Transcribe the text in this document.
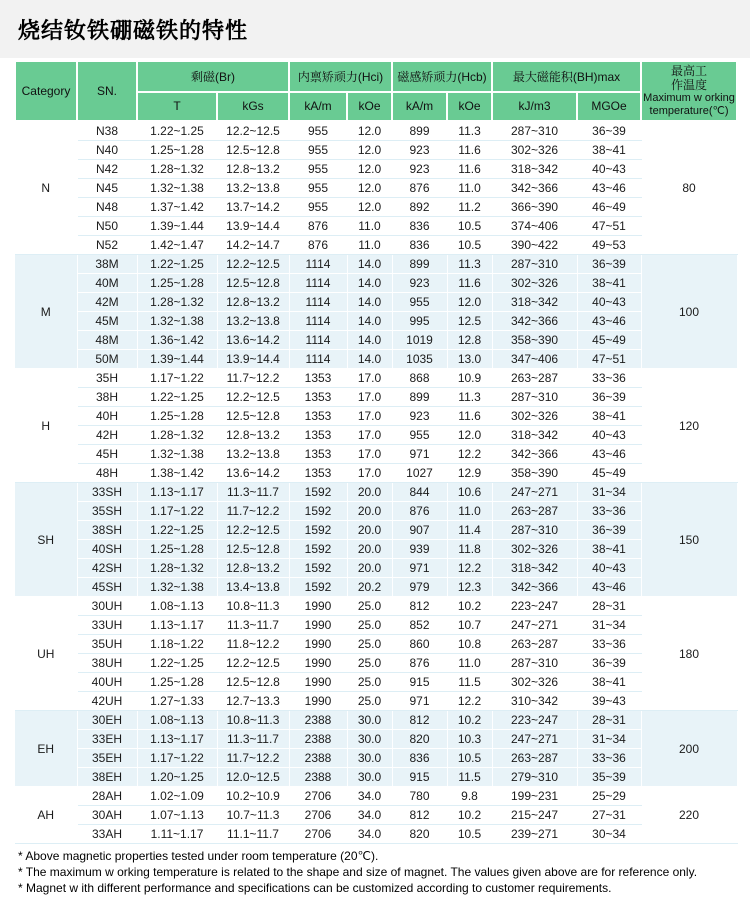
烧结钕铁硼磁铁的特性
Category	SN.	剩磁(Br)		内禀矫顽力(Hci)		磁感矫顽力(Hcb)		最大磁能积(BH)max		最高工
作温度
Maximum w orking temperature(℃)

		T	kGs	kA/m	kOe	kA/m	kOe	kJ/m3	MGOe	
N	N38	1.22~1.25	12.2~12.5	955	12.0	899	11.3	287~310	36~39	80
	N40	1.25~1.28	12.5~12.8	955	12.0	923	11.6	302~326	38~41	
	N42	1.28~1.32	12.8~13.2	955	12.0	923	11.6	318~342	40~43	
	N45	1.32~1.38	13.2~13.8	955	12.0	876	11.0	342~366	43~46	
	N48	1.37~1.42	13.7~14.2	955	12.0	892	11.2	366~390	46~49	
	N50	1.39~1.44	13.9~14.4	876	11.0	836	10.5	374~406	47~51	
	N52	1.42~1.47	14.2~14.7	876	11.0	836	10.5	390~422	49~53	
M	38M	1.22~1.25	12.2~12.5	1114	14.0	899	11.3	287~310	36~39	100
	40M	1.25~1.28	12.5~12.8	1114	14.0	923	11.6	302~326	38~41	
	42M	1.28~1.32	12.8~13.2	1114	14.0	955	12.0	318~342	40~43	
	45M	1.32~1.38	13.2~13.8	1114	14.0	995	12.5	342~366	43~46	
	48M	1.36~1.42	13.6~14.2	1114	14.0	1019	12.8	358~390	45~49	
	50M	1.39~1.44	13.9~14.4	1114	14.0	1035	13.0	347~406	47~51	
H	35H	1.17~1.22	11.7~12.2	1353	17.0	868	10.9	263~287	33~36	120
	38H	1.22~1.25	12.2~12.5	1353	17.0	899	11.3	287~310	36~39	
	40H	1.25~1.28	12.5~12.8	1353	17.0	923	11.6	302~326	38~41	
	42H	1.28~1.32	12.8~13.2	1353	17.0	955	12.0	318~342	40~43	
	45H	1.32~1.38	13.2~13.8	1353	17.0	971	12.2	342~366	43~46	
	48H	1.38~1.42	13.6~14.2	1353	17.0	1027	12.9	358~390	45~49	
SH	33SH	1.13~1.17	11.3~11.7	1592	20.0	844	10.6	247~271	31~34	150
	35SH	1.17~1.22	11.7~12.2	1592	20.0	876	11.0	263~287	33~36	
	38SH	1.22~1.25	12.2~12.5	1592	20.0	907	11.4	287~310	36~39	
	40SH	1.25~1.28	12.5~12.8	1592	20.0	939	11.8	302~326	38~41	
	42SH	1.28~1.32	12.8~13.2	1592	20.0	971	12.2	318~342	40~43	
	45SH	1.32~1.38	13.4~13.8	1592	20.2	979	12.3	342~366	43~46	
UH	30UH	1.08~1.13	10.8~11.3	1990	25.0	812	10.2	223~247	28~31	180
	33UH	1.13~1.17	11.3~11.7	1990	25.0	852	10.7	247~271	31~34	
	35UH	1.18~1.22	11.8~12.2	1990	25.0	860	10.8	263~287	33~36	
	38UH	1.22~1.25	12.2~12.5	1990	25.0	876	11.0	287~310	36~39	
	40UH	1.25~1.28	12.5~12.8	1990	25.0	915	11.5	302~326	38~41	
	42UH	1.27~1.33	12.7~13.3	1990	25.0	971	12.2	310~342	39~43	
EH	30EH	1.08~1.13	10.8~11.3	2388	30.0	812	10.2	223~247	28~31	200
	33EH	1.13~1.17	11.3~11.7	2388	30.0	820	10.3	247~271	31~34	
	35EH	1.17~1.22	11.7~12.2	2388	30.0	836	10.5	263~287	33~36	
	38EH	1.20~1.25	12.0~12.5	2388	30.0	915	11.5	279~310	35~39	
AH	28AH	1.02~1.09	10.2~10.9	2706	34.0	780	9.8	199~231	25~29	220
	30AH	1.07~1.13	10.7~11.3	2706	34.0	812	10.2	215~247	27~31	
	33AH	1.11~1.17	11.1~11.7	2706	34.0	820	10.5	239~271	30~34	

* Above magnetic properties tested under room temperature (20℃).

* The maximum w orking temperature is related to the shape and size of magnet. The values given above are for reference only.

* Magnet w ith different performance and specifications can be customized according to customer requirements.
